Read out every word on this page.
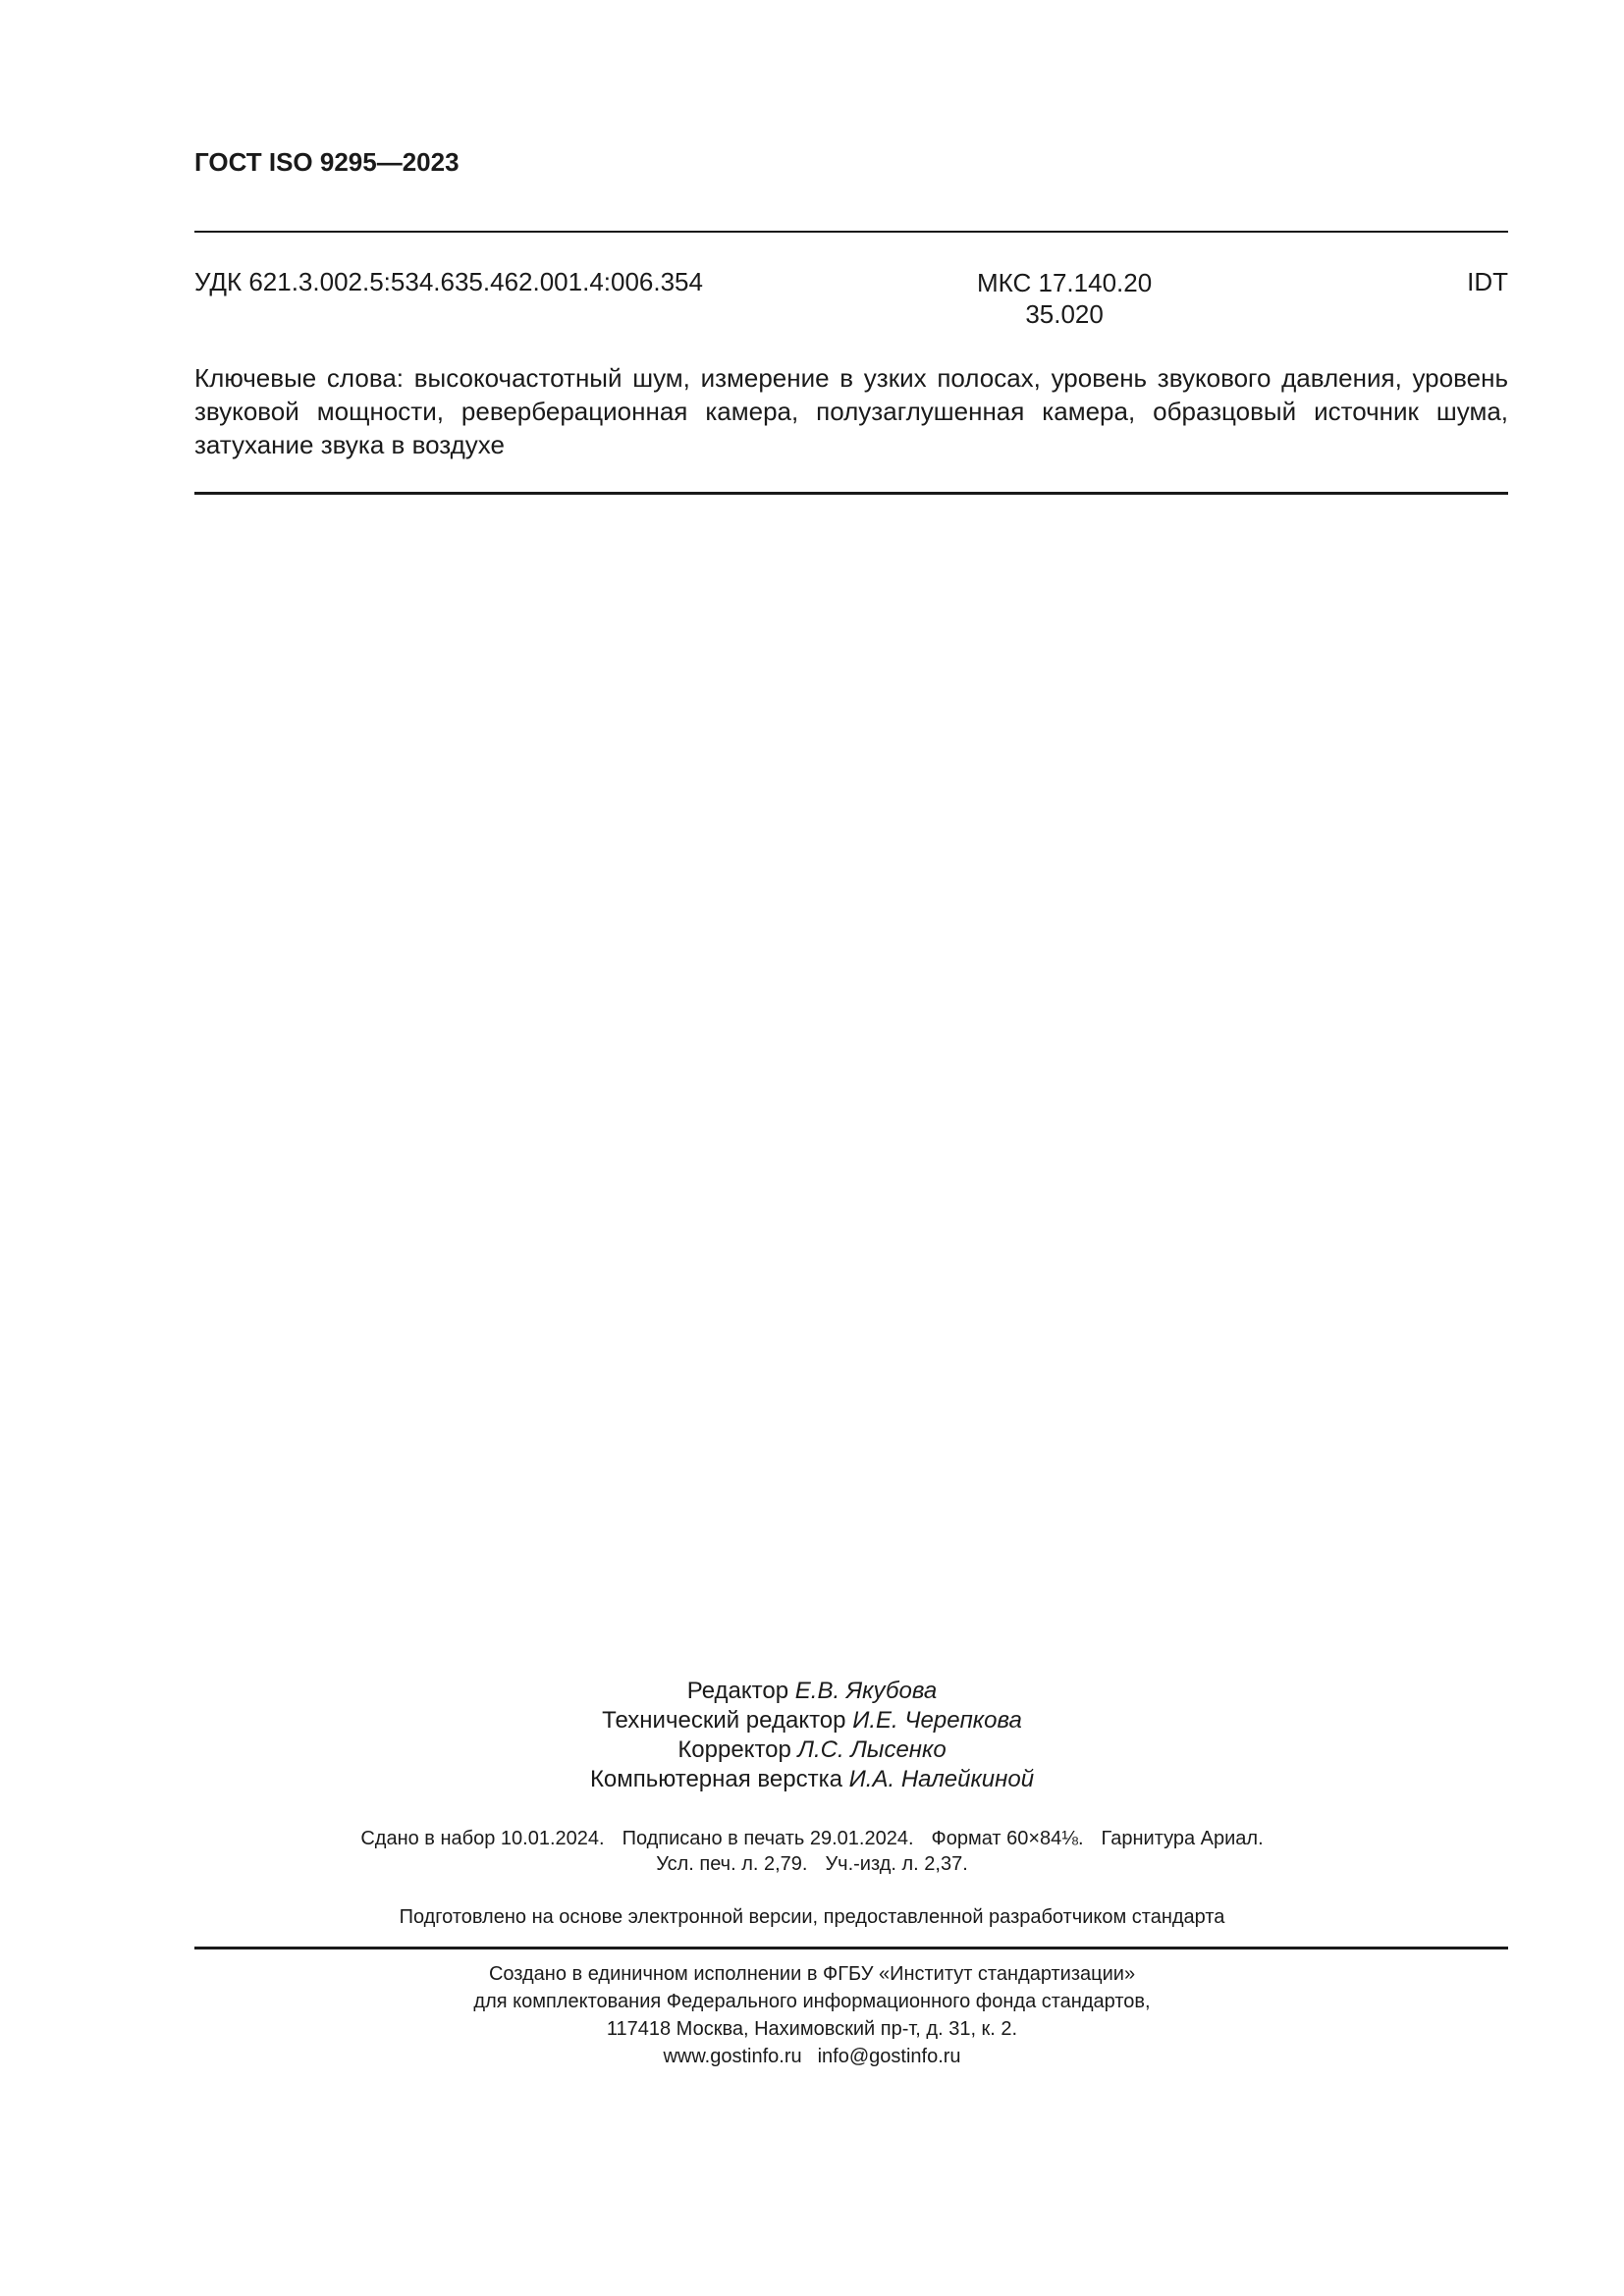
ГОСТ ISO 9295—2023
УДК 621.3.002.5:534.635.462.001.4:006.354	МКС 17.140.20
35.020
IDT
Ключевые слова: высокочастотный шум, измерение в узких полосах, уровень звукового давления, уровень звуковой мощности, реверберационная камера, полузаглушенная камера, образцовый источник шума, затухание звука в воздухе
Редактор Е.В. Якубова
Технический редактор И.Е. Черепкова
Корректор Л.С. Лысенко
Компьютерная верстка И.А. Налейкиной
Сдано в набор 10.01.2024. Подписано в печать 29.01.2024. Формат 60×84⅛. Гарнитура Ариал.
Усл. печ. л. 2,79. Уч.-изд. л. 2,37.
Подготовлено на основе электронной версии, предоставленной разработчиком стандарта
Создано в единичном исполнении в ФГБУ «Институт стандартизации»
для комплектования Федерального информационного фонда стандартов,
117418 Москва, Нахимовский пр-т, д. 31, к. 2.
www.gostinfo.ru info@gostinfo.ru
